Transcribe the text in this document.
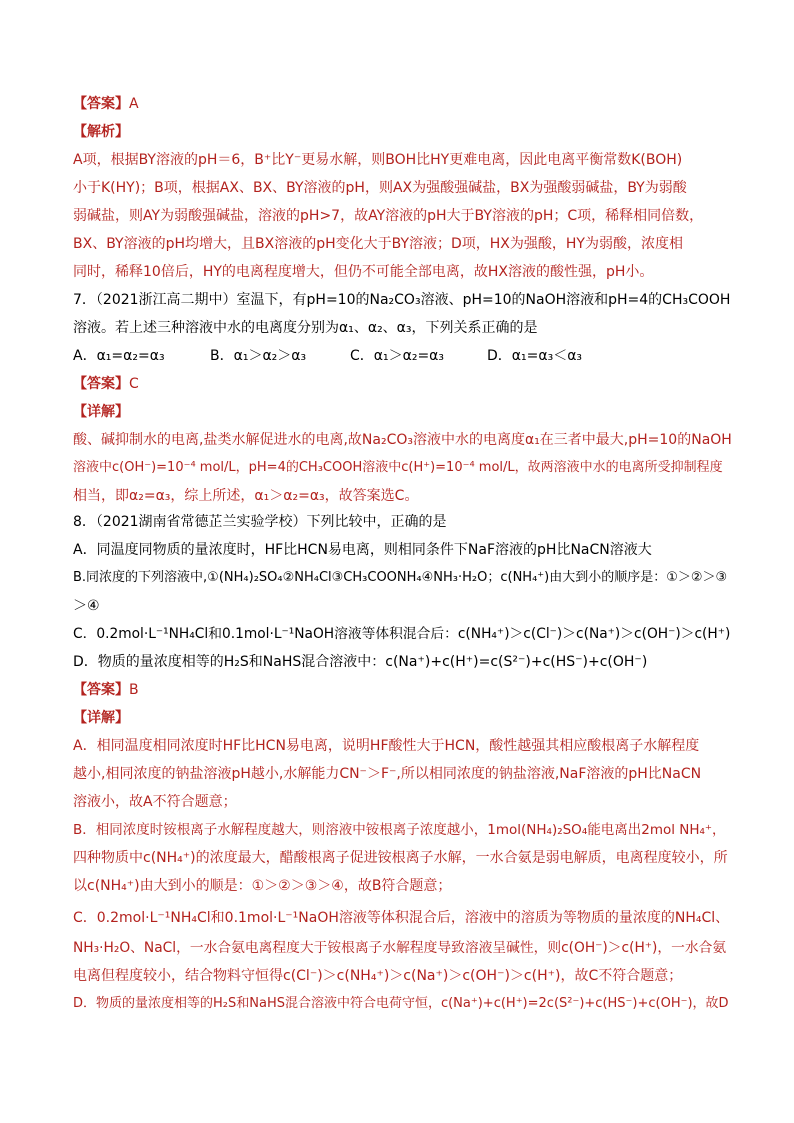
【答案】A
【解析】
A项，根据BY溶液的pH＝6，B⁺比Y⁻更易水解，则BOH比HY更难电离，因此电离平衡常数K(BOH)
小于K(HY)；B项，根据AX、BX、BY溶液的pH，则AX为强酸强碱盐，BX为强酸弱碱盐，BY为弱酸
弱碱盐，则AY为弱酸强碱盐，溶液的pH>7，故AY溶液的pH大于BY溶液的pH；C项，稀释相同倍数，
BX、BY溶液的pH均增大，且BX溶液的pH变化大于BY溶液；D项，HX为强酸，HY为弱酸，浓度相
同时，稀释10倍后，HY的电离程度增大，但仍不可能全部电离，故HX溶液的酸性强，pH小。
7．（2021浙江高二期中）室温下，有pH=10的Na₂CO₃溶液、pH=10的NaOH溶液和pH=4的CH₃COOH
溶液。若上述三种溶液中水的电离度分别为α₁、α₂、α₃，下列关系正确的是
A．α₁=α₂=α₃	B．α₁＞α₂＞α₃	C．α₁＞α₂=α₃	D．α₁=α₃＜α₃
【答案】C
【详解】
酸、碱抑制水的电离,盐类水解促进水的电离,故Na₂CO₃溶液中水的电离度α₁在三者中最大,pH=10的NaOH
溶液中c(OH⁻)=10⁻⁴ mol/L，pH=4的CH₃COOH溶液中c(H⁺)=10⁻⁴ mol/L，故两溶液中水的电离所受抑制程度
相当，即α₂=α₃，综上所述，α₁＞α₂=α₃，故答案选C。
8．（2021湖南省常德芷兰实验学校）下列比较中，正确的是
A．同温度同物质的量浓度时，HF比HCN易电离，则相同条件下NaF溶液的pH比NaCN溶液大
B.同浓度的下列溶液中,①(NH₄)₂SO₄②NH₄Cl③CH₃COONH₄④NH₃·H₂O；c(NH₄⁺)由大到小的顺序是：①＞②＞③
＞④
C．0.2mol·L⁻¹NH₄Cl和0.1mol·L⁻¹NaOH溶液等体积混合后：c(NH₄⁺)＞c(Cl⁻)＞c(Na⁺)＞c(OH⁻)＞c(H⁺)
D．物质的量浓度相等的H₂S和NaHS混合溶液中：c(Na⁺)+c(H⁺)=c(S²⁻)+c(HS⁻)+c(OH⁻)
【答案】B
【详解】
A．相同温度相同浓度时HF比HCN易电离，说明HF酸性大于HCN，酸性越强其相应酸根离子水解程度
越小,相同浓度的钠盐溶液pH越小,水解能力CN⁻＞F⁻,所以相同浓度的钠盐溶液,NaF溶液的pH比NaCN
溶液小，故A不符合题意；
B．相同浓度时铵根离子水解程度越大，则溶液中铵根离子浓度越小，1mol(NH₄)₂SO₄能电离出2mol NH₄⁺，
四种物质中c(NH₄⁺)的浓度最大，醋酸根离子促进铵根离子水解，一水合氨是弱电解质，电离程度较小，所
以c(NH₄⁺)由大到小的顺是：①＞②＞③＞④，故B符合题意；
C．0.2mol·L⁻¹NH₄Cl和0.1mol·L⁻¹NaOH溶液等体积混合后，溶液中的溶质为等物质的量浓度的NH₄Cl、
NH₃·H₂O、NaCl，一水合氨电离程度大于铵根离子水解程度导致溶液呈碱性，则c(OH⁻)＞c(H⁺)，一水合氨
电离但程度较小，结合物料守恒得c(Cl⁻)＞c(NH₄⁺)＞c(Na⁺)＞c(OH⁻)＞c(H⁺)，故C不符合题意；
D．物质的量浓度相等的H₂S和NaHS混合溶液中符合电荷守恒，c(Na⁺)+c(H⁺)=2c(S²⁻)+c(HS⁻)+c(OH⁻)，故D
